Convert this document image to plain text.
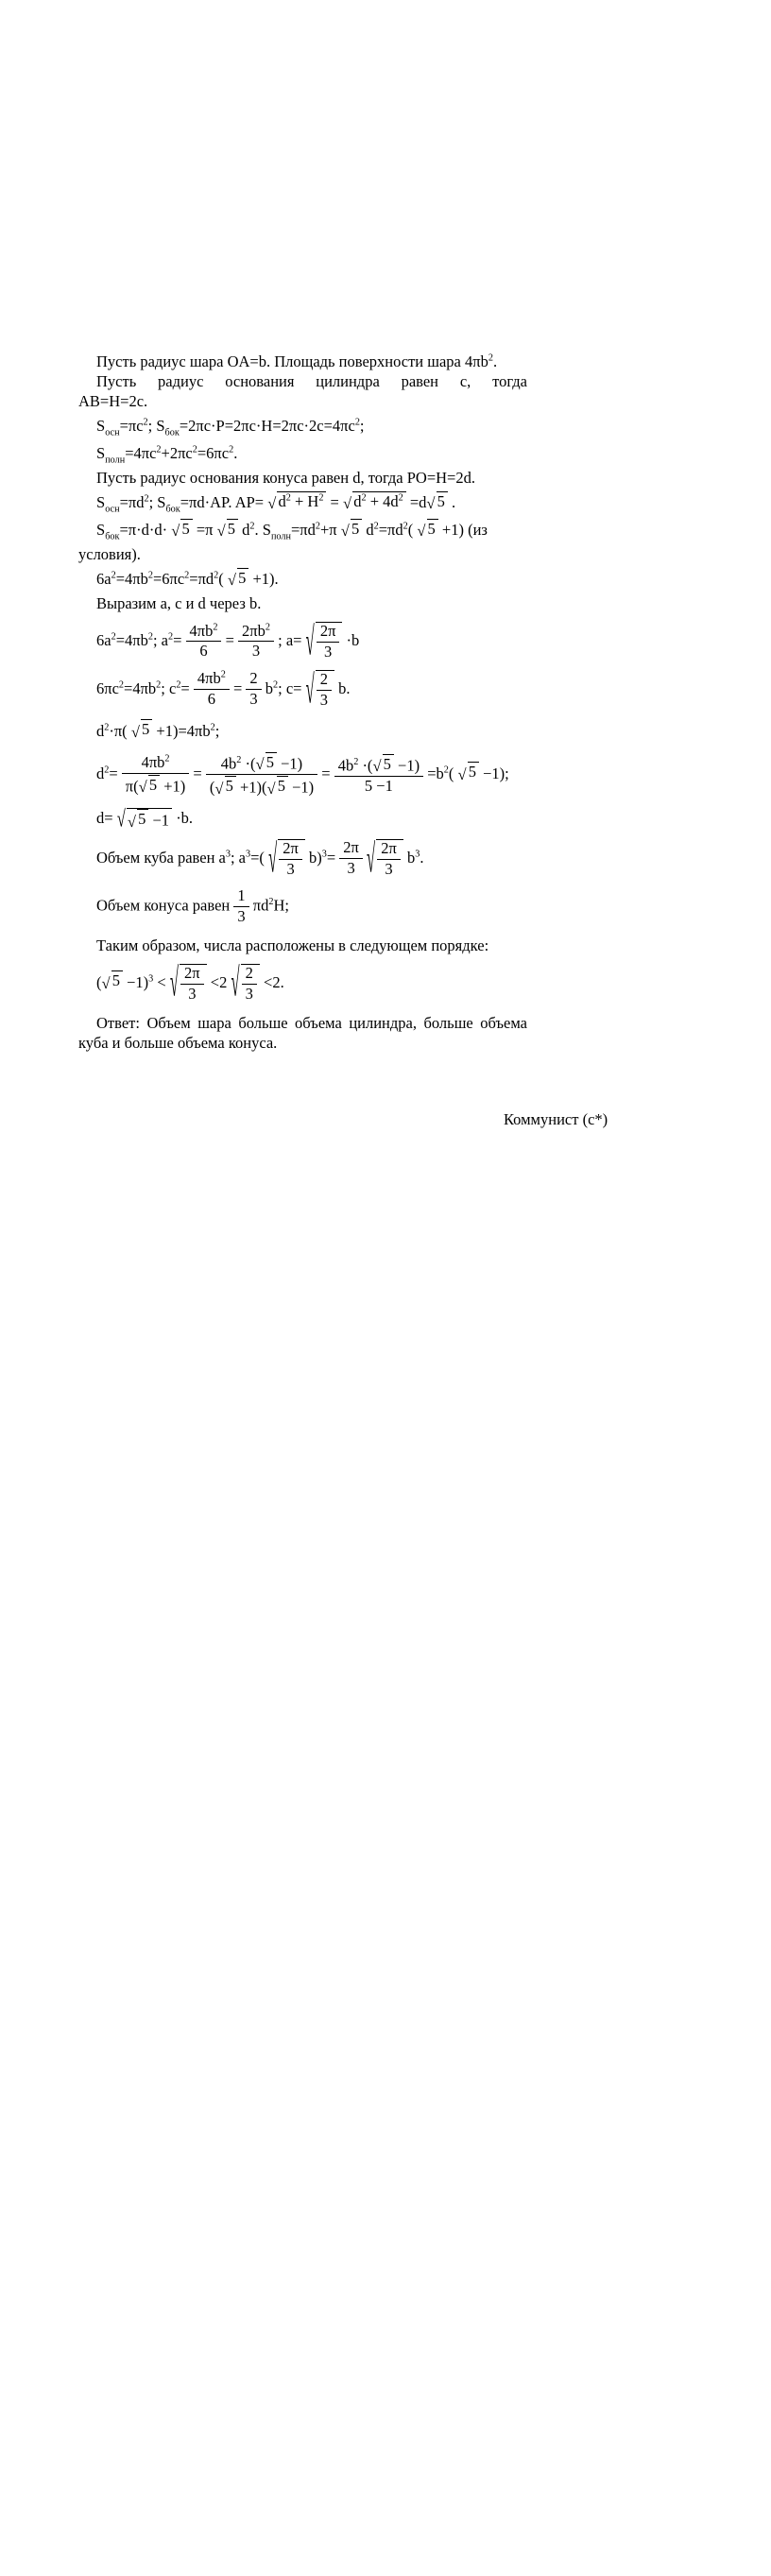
Пусть радиус шара OA=b. Площадь поверхности шара $4\pi b^2$.
Пусть радиус основания цилиндра равен c, тогда
AB=H=2c.
$S_{осн}=\pi c^2$; $S_{бок}=2\pi c\cdot P=2\pi c\cdot H=2\pi c\cdot 2c=4\pi c^2$;
$S_{полн}=4\pi c^2+2\pi c^2=6\pi c^2$.
Пусть радиус основания конуса равен d, тогда PO=H=2d.
$S_{осн}=\pi d^2$; $S_{бок}=\pi d\cdot AP$. AP= √ $d^2 + H^2$ = √ $d^2 + 4d^2 =d$ √ 5 .
$S_{бок}=\pi\cdot d\cdot d\cdot$ √ 5 =π √ 5 $d^2$. $S_{полн}=\pi d^2+\pi$ √ 5 $d^2=\pi d^2$( √ 5 +1) (из
условия).
$6a^2=4\pi b^2=6\pi c^2=\pi d^2$( √ 5 +1).
Выразим a, c и d через b.
$6a^2=4\pi b^2$; $a^2= \frac{4\pi b^2}{6} = \frac{2\pi b^2}{3}$ ; a= √ $\frac{2\pi}{3} \cdot b$
$6\pi c^2=4\pi b^2$; $c^2= \frac{4\pi b^2}{6} = \frac{2}{3} b^2$; c= √ $\frac{2}{3} b$.
$d^2\cdot\pi$( √ $5 +1)=4\pi b^2$;
$d^2= \frac{4\pi b^2}{\pi( √ 5 +1)} = \frac{4b^2 \cdot( √ 5 -1)}{( √ 5 +1)( √ 5 -1)} = \frac{4b^2 \cdot( √ 5 -1)}{5 -1} =b^2$( √ 5 −1);
d= √ √ 5 −1 ·b.
Объем куба равен $a^3$; $a^3=$( √ $\frac{2\pi}{3} b)^3= \frac{2\pi}{3}$
√ $\frac{2\pi}{3} b^3$.
Объем конуса равен $\frac{1}{3} \pi d^2H$;
Таким образом, числа расположены в следующем порядке:
( √ 5 −1)$^3$ < √ $\frac{2\pi}{3} <2$ √ $\frac{2}{3} <2$.
Ответ: Объем шара больше объема цилиндра, больше объема
куба и больше объема конуса.
Коммунист (с*)
